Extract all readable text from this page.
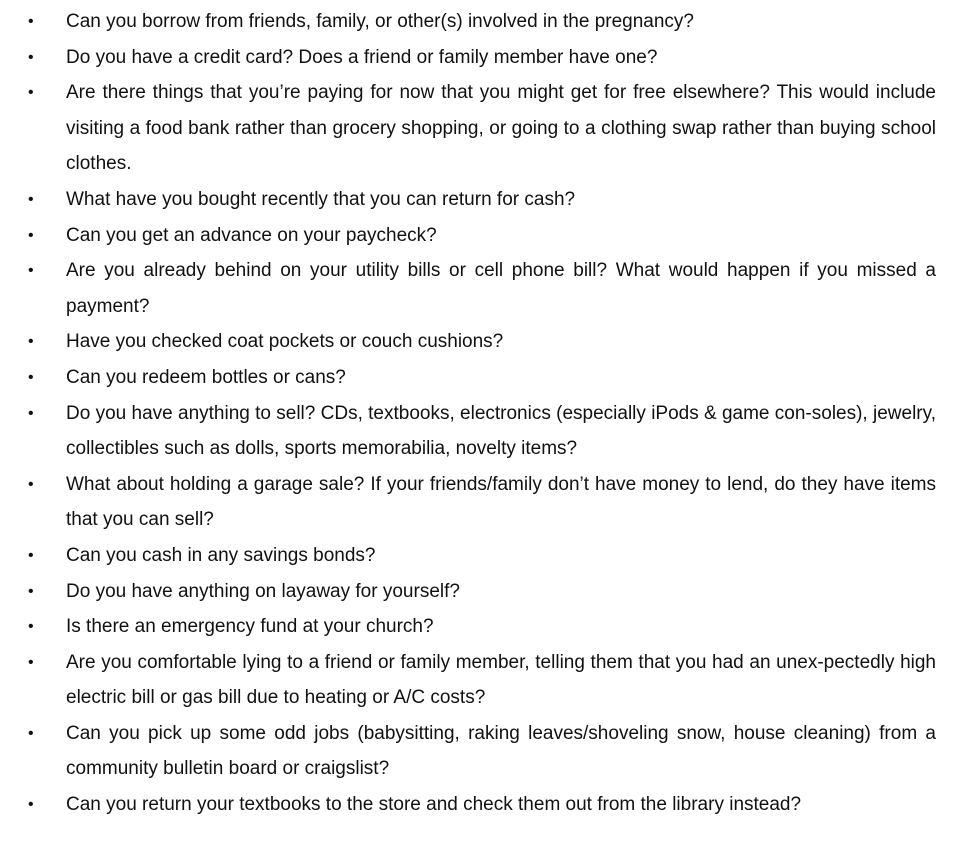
• Can you borrow from friends, family, or other(s) involved in the pregnancy?
• Do you have a credit card? Does a friend or family member have one?
• Are there things that you’re paying for now that you might get for free elsewhere? This would include visiting a food bank rather than grocery shopping, or going to a clothing swap rather than buying school clothes.
• What have you bought recently that you can return for cash?
• Can you get an advance on your paycheck?
• Are you already behind on your utility bills or cell phone bill? What would happen if you missed a payment?
• Have you checked coat pockets or couch cushions?
• Can you redeem bottles or cans?
• Do you have anything to sell? CDs, textbooks, electronics (especially iPods & game con-soles), jewelry, collectibles such as dolls, sports memorabilia, novelty items?
• What about holding a garage sale? If your friends/family don’t have money to lend, do they have items that you can sell?
• Can you cash in any savings bonds?
• Do you have anything on layaway for yourself?
• Is there an emergency fund at your church?
• Are you comfortable lying to a friend or family member, telling them that you had an unex-pectedly high electric bill or gas bill due to heating or A/C costs?
• Can you pick up some odd jobs (babysitting, raking leaves/shoveling snow, house cleaning) from a community bulletin board or craigslist?
• Can you return your textbooks to the store and check them out from the library instead?
